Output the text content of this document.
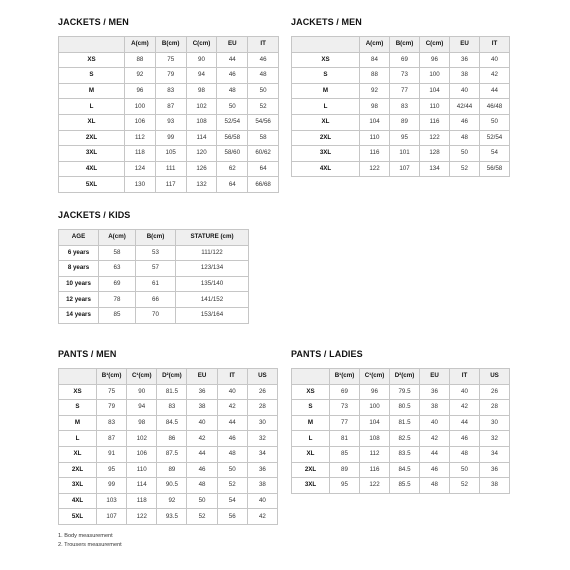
JACKETS / MEN
	A(cm)	B(cm)	C(cm)	EU	IT
XS	88	75	90	44	46
S	92	79	94	46	48
M	96	83	98	48	50
L	100	87	102	50	52
XL	106	93	108	52/54	54/56
2XL	112	99	114	56/58	58
3XL	118	105	120	58/60	60/62
4XL	124	111	126	62	64
5XL	130	117	132	64	66/68
JACKETS / MEN
	A(cm)	B(cm)	C(cm)	EU	IT
XS	84	69	96	36	40
S	88	73	100	38	42
M	92	77	104	40	44
L	98	83	110	42/44	46/48
XL	104	89	116	46	50
2XL	110	95	122	48	52/54
3XL	116	101	128	50	54
4XL	122	107	134	52	56/58
JACKETS / KIDS
AGE	A(cm)	B(cm)	STATURE (cm)
6 years	58	53	111/122
8 years	63	57	123/134
10 years	69	61	135/140
12 years	78	66	141/152
14 years	85	70	153/164
PANTS / MEN
	B¹(cm)	C¹(cm)	D²(cm)	EU	IT	US
XS	75	90	81.5	36	40	26
S	79	94	83	38	42	28
M	83	98	84.5	40	44	30
L	87	102	86	42	46	32
XL	91	106	87.5	44	48	34
2XL	95	110	89	46	50	36
3XL	99	114	90.5	48	52	38
4XL	103	118	92	50	54	40
5XL	107	122	93.5	52	56	42
PANTS / LADIES
	B¹(cm)	C¹(cm)	D²(cm)	EU	IT	US
XS	69	96	79.5	36	40	26
S	73	100	80.5	38	42	28
M	77	104	81.5	40	44	30
L	81	108	82.5	42	46	32
XL	85	112	83.5	44	48	34
2XL	89	116	84.5	46	50	36
3XL	95	122	85.5	48	52	38
1. Body measurement
2. Trousers measurement
